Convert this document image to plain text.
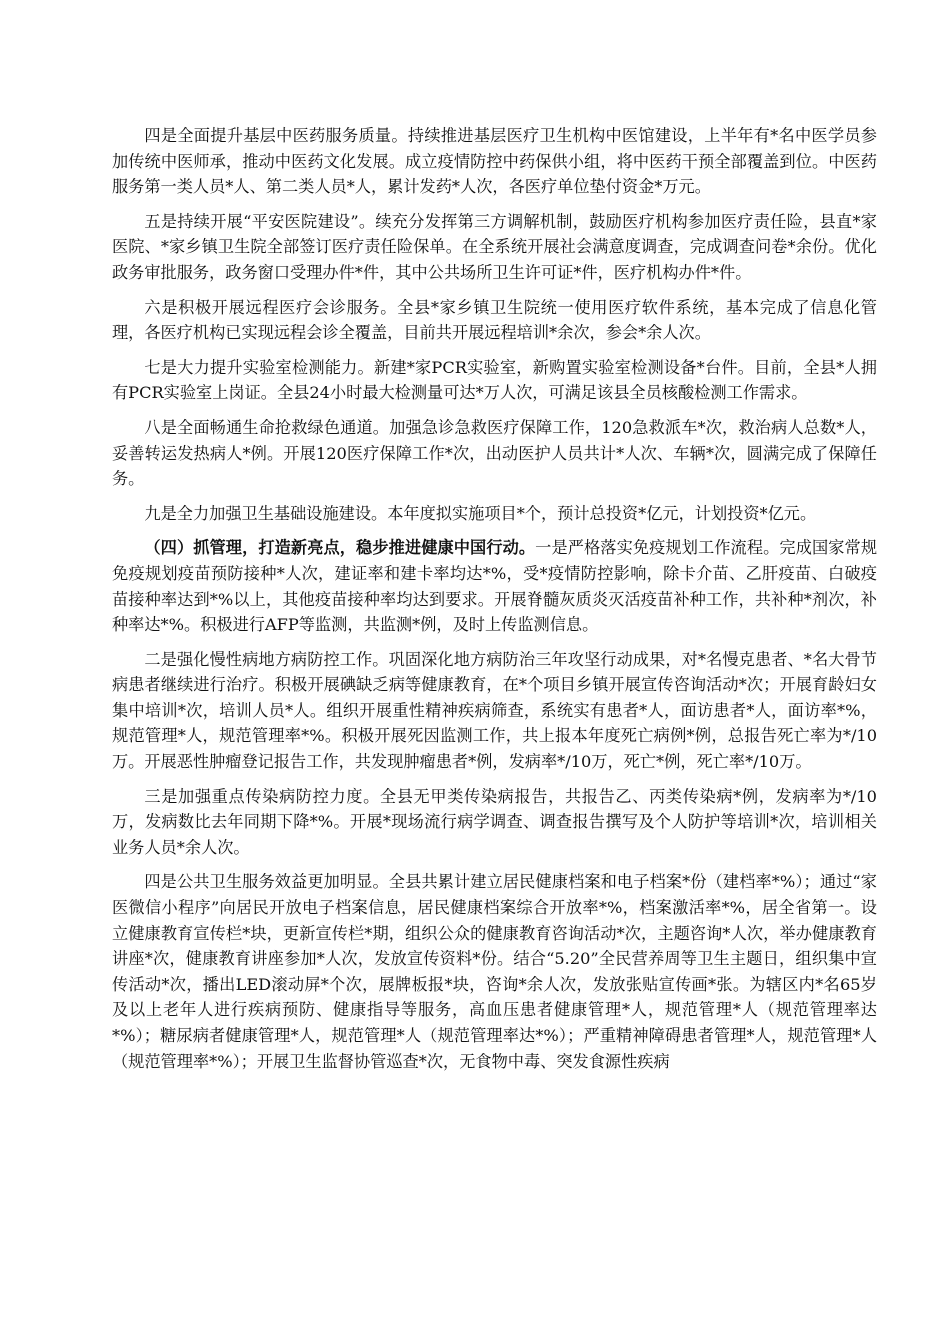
四是全面提升基层中医药服务质量。持续推进基层医疗卫生机构中医馆建设，上半年有*名中医学员参加传统中医师承，推动中医药文化发展。成立疫情防控中药保供小组，将中医药干预全部覆盖到位。中医药服务第一类人员*人、第二类人员*人，累计发药*人次，各医疗单位垫付资金*万元。

五是持续开展“平安医院建设”。续充分发挥第三方调解机制，鼓励医疗机构参加医疗责任险，县直*家医院、*家乡镇卫生院全部签订医疗责任险保单。在全系统开展社会满意度调查，完成调查问卷*余份。优化政务审批服务，政务窗口受理办件*件，其中公共场所卫生许可证*件，医疗机构办件*件。

六是积极开展远程医疗会诊服务。全县*家乡镇卫生院统一使用医疗软件系统，基本完成了信息化管理，各医疗机构已实现远程会诊全覆盖，目前共开展远程培训*余次，参会*余人次。

七是大力提升实验室检测能力。新建*家PCR实验室，新购置实验室检测设备*台件。目前，全县*人拥有PCR实验室上岗证。全县24小时最大检测量可达*万人次，可满足该县全员核酸检测工作需求。

八是全面畅通生命抢救绿色通道。加强急诊急救医疗保障工作，120急救派车*次，救治病人总数*人，妥善转运发热病人*例。开展120医疗保障工作*次，出动医护人员共计*人次、车辆*次，圆满完成了保障任务。

九是全力加强卫生基础设施建设。本年度拟实施项目*个，预计总投资*亿元，计划投资*亿元。

（四）抓管理，打造新亮点，稳步推进健康中国行动。一是严格落实免疫规划工作流程。完成国家常规免疫规划疫苗预防接种*人次，建证率和建卡率均达*%，受*疫情防控影响，除卡介苗、乙肝疫苗、白破疫苗接种率达到*%以上，其他疫苗接种率均达到要求。开展脊髓灰质炎灭活疫苗补种工作，共补种*剂次，补种率达*%。积极进行AFP等监测，共监测*例，及时上传监测信息。

二是强化慢性病地方病防控工作。巩固深化地方病防治三年攻坚行动成果，对*名慢克患者、*名大骨节病患者继续进行治疗。积极开展碘缺乏病等健康教育，在*个项目乡镇开展宣传咨询活动*次；开展育龄妇女集中培训*次，培训人员*人。组织开展重性精神疾病筛查，系统实有患者*人，面访患者*人，面访率*%，规范管理*人，规范管理率*%。积极开展死因监测工作，共上报本年度死亡病例*例，总报告死亡率为*/10万。开展恶性肿瘤登记报告工作，共发现肿瘤患者*例，发病率*/10万，死亡*例，死亡率*/10万。

三是加强重点传染病防控力度。全县无甲类传染病报告，共报告乙、丙类传染病*例，发病率为*/10万，发病数比去年同期下降*%。开展*现场流行病学调查、调查报告撰写及个人防护等培训*次，培训相关业务人员*余人次。

四是公共卫生服务效益更加明显。全县共累计建立居民健康档案和电子档案*份（建档率*%）；通过“家医微信小程序”向居民开放电子档案信息，居民健康档案综合开放率*%，档案激活率*%，居全省第一。设立健康教育宣传栏*块，更新宣传栏*期，组织公众的健康教育咨询活动*次，主题咨询*人次，举办健康教育讲座*次，健康教育讲座参加*人次，发放宣传资料*份。结合“5.20”全民营养周等卫生主题日，组织集中宣传活动*次，播出LED滚动屏*个次，展牌板报*块，咨询*余人次，发放张贴宣传画*张。为辖区内*名65岁及以上老年人进行疾病预防、健康指导等服务，高血压患者健康管理*人，规范管理*人（规范管理率达*%）；糖尿病者健康管理*人，规范管理*人（规范管理率达*%）；严重精神障碍患者管理*人，规范管理*人（规范管理率*%）；开展卫生监督协管巡查*次，无食物中毒、突发食源性疾病
